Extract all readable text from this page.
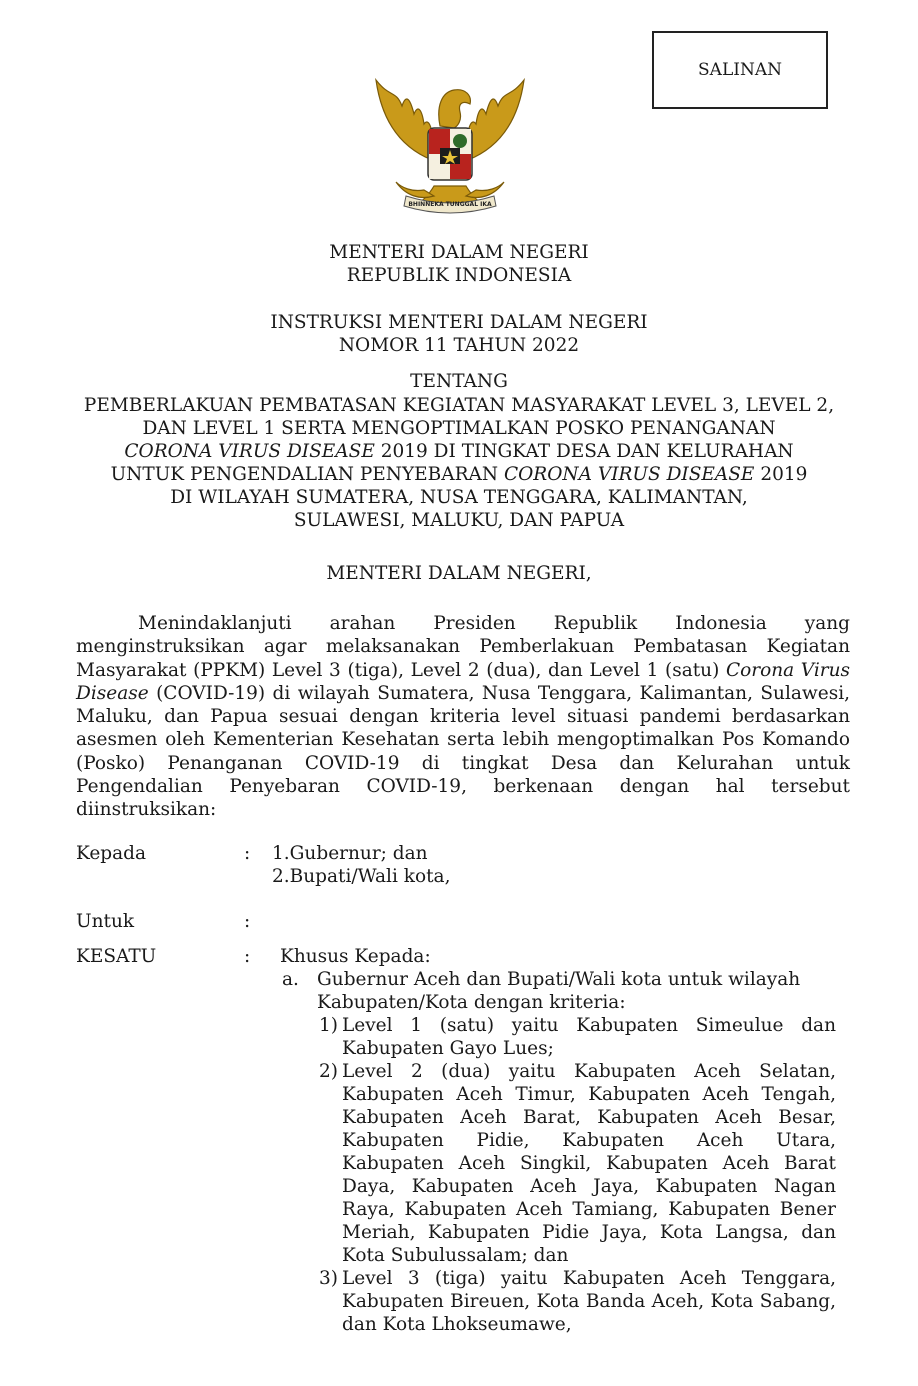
SALINAN
BHINNEKA TUNGGAL IKA
MENTERI DALAM NEGERI
REPUBLIK INDONESIA
INSTRUKSI MENTERI DALAM NEGERI
NOMOR 11 TAHUN 2022
TENTANG
PEMBERLAKUAN PEMBATASAN KEGIATAN MASYARAKAT LEVEL 3, LEVEL 2,
DAN LEVEL 1 SERTA MENGOPTIMALKAN POSKO PENANGANAN
CORONA VIRUS DISEASE 2019 DI TINGKAT DESA DAN KELURAHAN
UNTUK PENGENDALIAN PENYEBARAN CORONA VIRUS DISEASE 2019
DI WILAYAH SUMATERA, NUSA TENGGARA, KALIMANTAN,
SULAWESI, MALUKU, DAN PAPUA
MENTERI DALAM NEGERI,
Menindaklanjuti arahan Presiden Republik Indonesia yang menginstruksikan agar melaksanakan Pemberlakuan Pembatasan Kegiatan Masyarakat (PPKM) Level 3 (tiga), Level 2 (dua), dan Level 1 (satu) Corona Virus Disease (COVID-19) di wilayah Sumatera, Nusa Tenggara, Kalimantan, Sulawesi, Maluku, dan Papua sesuai dengan kriteria level situasi pandemi berdasarkan asesmen oleh Kementerian Kesehatan serta lebih mengoptimalkan Pos Komando (Posko) Penanganan COVID-19 di tingkat Desa dan Kelurahan untuk Pengendalian Penyebaran COVID-19, berkenaan dengan hal tersebut diinstruksikan:
Kepada	: 1.Gubernur; dan
2.Bupati/Wali kota,
Untuk	:
KESATU	: Khusus Kepada:
a. Gubernur Aceh dan Bupati/Wali kota untuk wilayah
Kabupaten/Kota dengan kriteria:
1) Level 1 (satu) yaitu Kabupaten Simeulue dan Kabupaten Gayo Lues;
2) Level 2 (dua) yaitu Kabupaten Aceh Selatan, Kabupaten Aceh Timur, Kabupaten Aceh Tengah, Kabupaten Aceh Barat, Kabupaten Aceh Besar, Kabupaten Pidie, Kabupaten Aceh Utara, Kabupaten Aceh Singkil, Kabupaten Aceh Barat Daya, Kabupaten Aceh Jaya, Kabupaten Nagan Raya, Kabupaten Aceh Tamiang, Kabupaten Bener Meriah, Kabupaten Pidie Jaya, Kota Langsa, dan Kota Subulussalam; dan
3) Level 3 (tiga) yaitu Kabupaten Aceh Tenggara, Kabupaten Bireuen, Kota Banda Aceh, Kota Sabang, dan Kota Lhokseumawe,
